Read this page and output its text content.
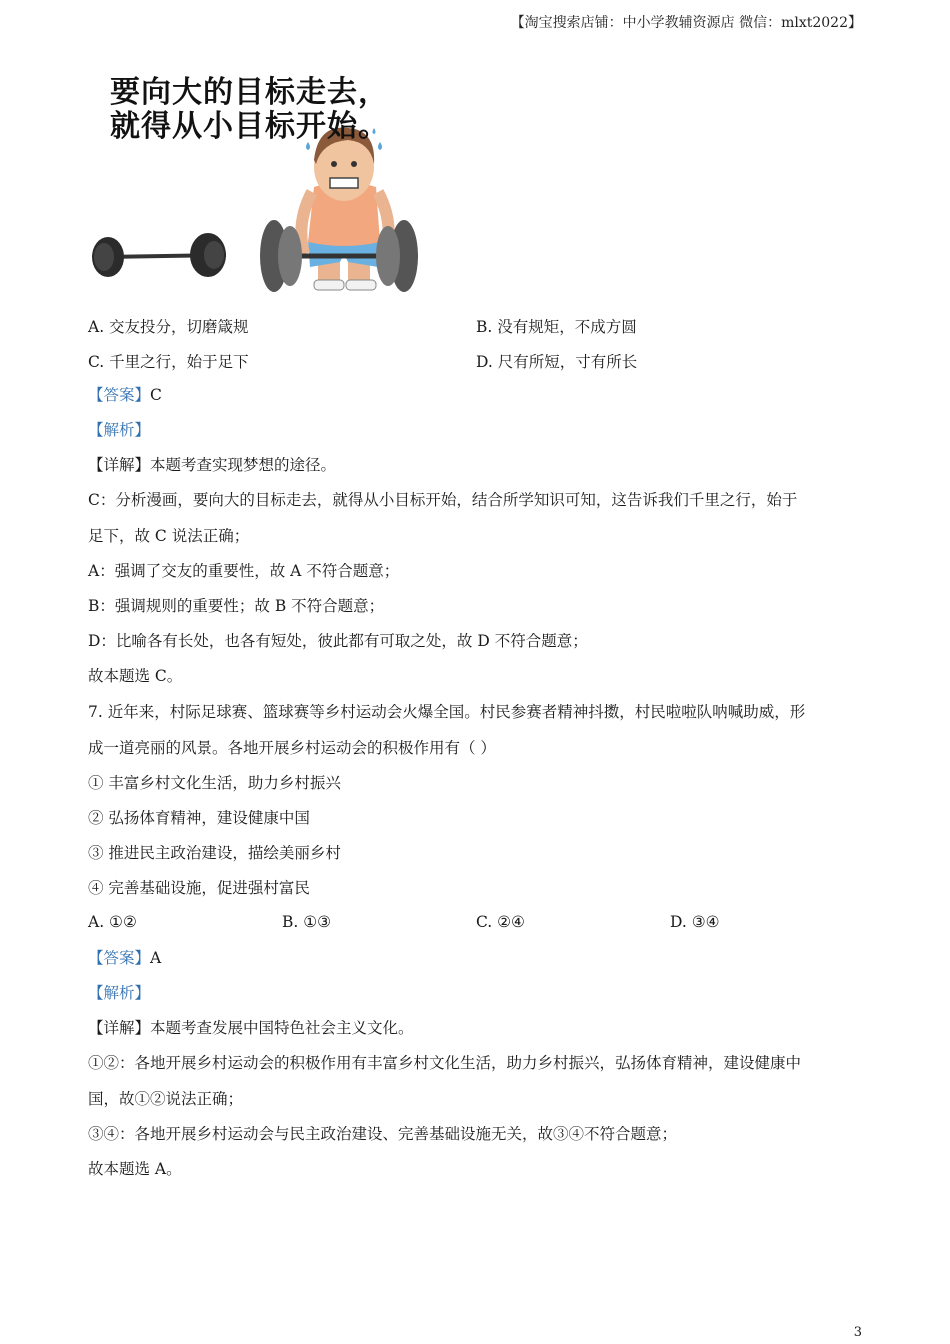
【淘宝搜索店铺：中小学教辅资源店 微信：mlxt2022】
要向大的目标走去，
就得从小目标开始。
A. 交友投分，切磨箴规	B. 没有规矩，不成方圆
C. 千里之行，始于足下	D. 尺有所短，寸有所长
【答案】C
【解析】
【详解】本题考查实现梦想的途径。
C：分析漫画，要向大的目标走去，就得从小目标开始，结合所学知识可知，这告诉我们千里之行，始于
足下，故 C 说法正确；
A：强调了交友的重要性，故 A 不符合题意；
B：强调规则的重要性；故 B 不符合题意；
D：比喻各有长处，也各有短处，彼此都有可取之处，故 D 不符合题意；
故本题选 C。
7. 近年来，村际足球赛、篮球赛等乡村运动会火爆全国。村民参赛者精神抖擞，村民啦啦队呐喊助威，形
成一道亮丽的风景。各地开展乡村运动会的积极作用有（ ）
① 丰富乡村文化生活，助力乡村振兴
② 弘扬体育精神，建设健康中国
③ 推进民主政治建设，描绘美丽乡村
④ 完善基础设施，促进强村富民
A. ①②	B. ①③	C. ②④	D. ③④
【答案】A
【解析】
【详解】本题考查发展中国特色社会主义文化。
①②：各地开展乡村运动会的积极作用有丰富乡村文化生活，助力乡村振兴，弘扬体育精神，建设健康中
国，故①②说法正确；
③④：各地开展乡村运动会与民主政治建设、完善基础设施无关，故③④不符合题意；
故本题选 A。
3
